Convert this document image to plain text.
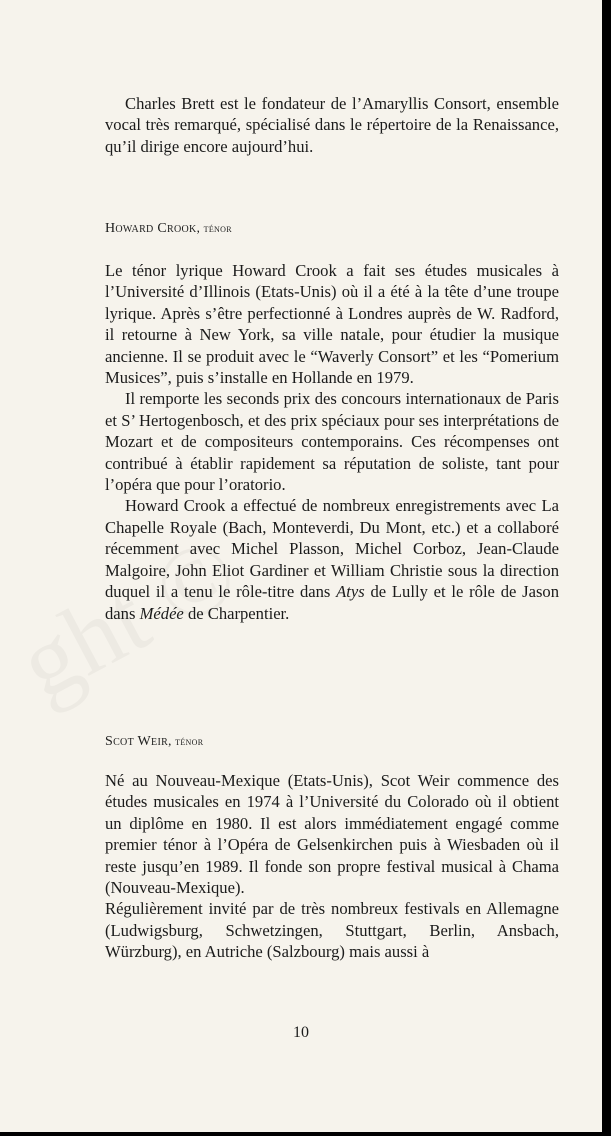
Charles Brett est le fondateur de l’Amaryllis Consort, ensemble vocal très remarqué, spécialisé dans le répertoire de la Renaissance, qu’il dirige encore aujourd’hui.

Howard Crook, ténor

Le ténor lyrique Howard Crook a fait ses études musicales à l’Université d’Illinois (Etats-Unis) où il a été à la tête d’une troupe lyrique. Après s’être perfectionné à Londres auprès de W. Radford, il retourne à New York, sa ville natale, pour étudier la musique ancienne. Il se produit avec le “Waverly Consort” et les “Pomerium Musices”, puis s’installe en Hollande en 1979.

Il remporte les seconds prix des concours internationaux de Paris et S’ Hertogenbosch, et des prix spéciaux pour ses interprétations de Mozart et de compositeurs contemporains. Ces récompenses ont contribué à établir rapidement sa réputation de soliste, tant pour l’opéra que pour l’oratorio.

Howard Crook a effectué de nombreux enregistrements avec La Chapelle Royale (Bach, Monteverdi, Du Mont, etc.) et a collaboré récemment avec Michel Plasson, Michel Corboz, Jean-Claude Malgoire, John Eliot Gardiner et William Christie sous la direction duquel il a tenu le rôle-titre dans Atys de Lully et le rôle de Jason dans Médée de Charpentier.

Scot Weir, ténor

Né au Nouveau-Mexique (Etats-Unis), Scot Weir commence des études musicales en 1974 à l’Université du Colorado où il obtient un diplôme en 1980. Il est alors immédiatement engagé comme premier ténor à l’Opéra de Gelsenkirchen puis à Wiesbaden où il reste jusqu’en 1989. Il fonde son propre festival musical à Chama (Nouveau-Mexique).

Régulièrement invité par de très nombreux festivals en Allemagne (Ludwigsburg, Schwetzingen, Stuttgart, Berlin, Ansbach, Würzburg), en Autriche (Salzbourg) mais aussi à

10
